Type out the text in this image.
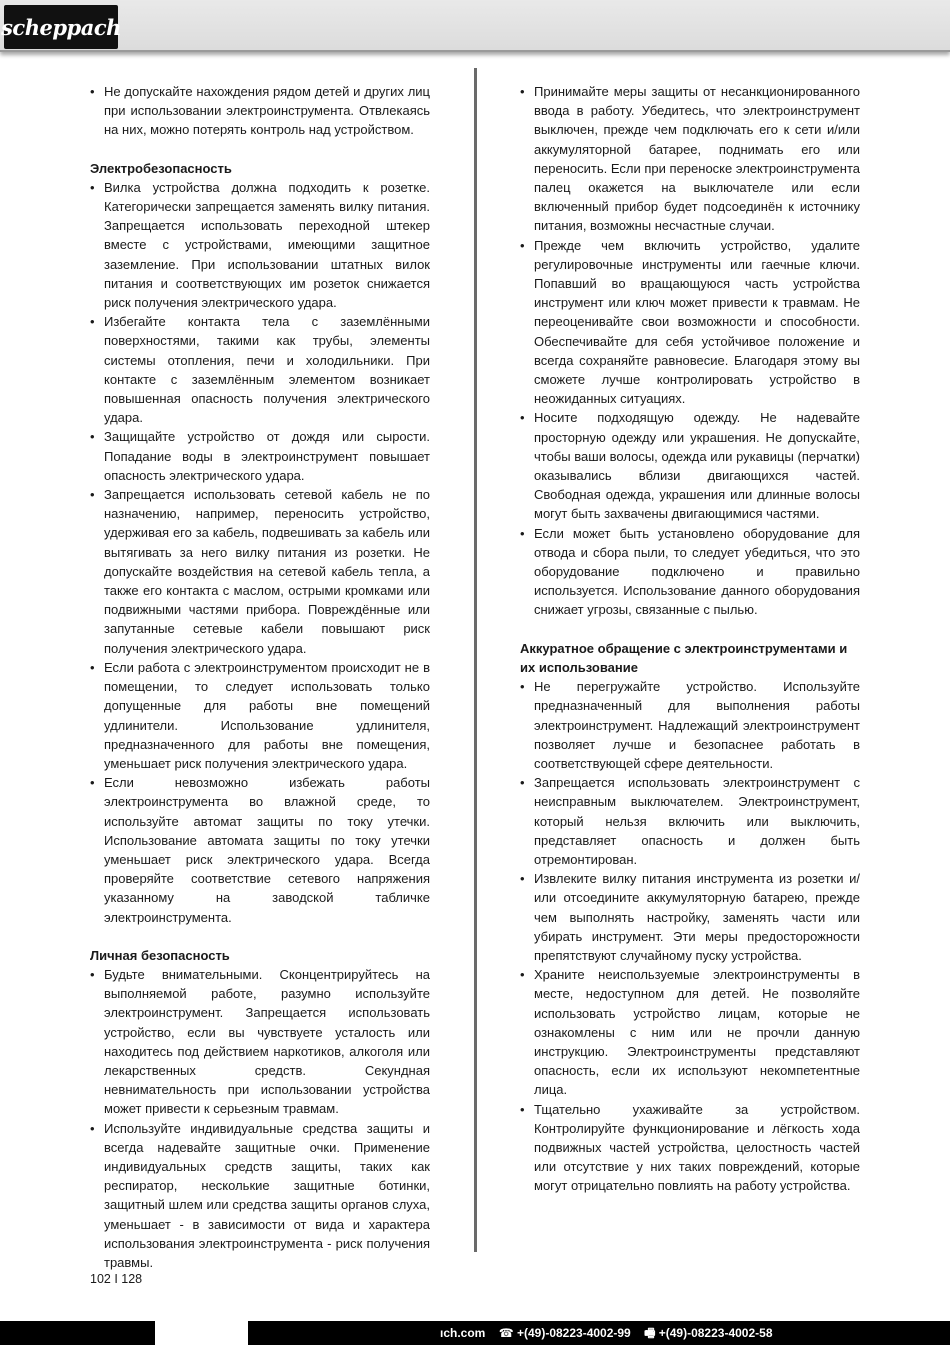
scheppach
• Не допускайте нахождения рядом детей и других лиц при использовании электроинструмента. Отвлекаясь на них, можно потерять контроль над устройством.

Электробезопасность

• Вилка устройства должна подходить к розетке. Категорически запрещается заменять вилку питания. Запрещается использовать переходной штекер вместе с устройствами, имеющими защитное заземление. При использовании штатных вилок питания и соответствующих им розеток снижается риск получения электрического удара.
• Избегайте контакта тела с заземлёнными поверхностями, такими как трубы, элементы системы отопления, печи и холодильники. При контакте с заземлённым элементом возникает повышенная опасность получения электрического удара.
• Защищайте устройство от дождя или сырости. Попадание воды в электроинструмент повышает опасность электрического удара.
• Запрещается использовать сетевой кабель не по назначению, например, переносить устройство, удерживая его за кабель, подвешивать за кабель или вытягивать за него вилку питания из розетки. Не допускайте воздействия на сетевой кабель тепла, а также его контакта с маслом, острыми кромками или подвижными частями прибора. Повреждённые или запутанные сетевые кабели повышают риск получения электрического удара.
• Если работа с электроинструментом происходит не в помещении, то следует использовать только допущенные для работы вне помещений удлинители. Использование удлинителя, предназначенного для работы вне помещения, уменьшает риск получения электрического удара.
• Если невозможно избежать работы электроинструмента во влажной среде, то используйте автомат защиты по току утечки. Использование автомата защиты по току утечки уменьшает риск электрического удара. Всегда проверяйте соответствие сетевого напряжения указанному на заводской табличке электроинструмента.

Личная безопасность

• Будьте внимательными. Сконцентрируйтесь на выполняемой работе, разумно используйте электроинструмент. Запрещается использовать устройство, если вы чувствуете усталость или находитесь под действием наркотиков, алкоголя или лекарственных средств. Секундная невнимательность при использовании устройства может привести к серьезным травмам.
• Используйте индивидуальные средства защиты и всегда надевайте защитные очки. Применение индивидуальных средств защиты, таких как респиратор, несколькие защитные ботинки, защитный шлем или средства защиты органов слуха, уменьшает - в зависимости от вида и характера использования электроинструмента - риск получения травмы.
• Принимайте меры защиты от несанкционированного ввода в работу. Убедитесь, что электроинструмент выключен, прежде чем подключать его к сети и/или аккумуляторной батарее, поднимать его или переносить. Если при переноске электроинструмента палец окажется на выключателе или если включенный прибор будет подсоединён к источнику питания, возможны несчастные случаи.
• Прежде чем включить устройство, удалите регулировочные инструменты или гаечные ключи. Попавший во вращающуюся часть устройства инструмент или ключ может привести к травмам. Не переоценивайте свои возможности и способности. Обеспечивайте для себя устойчивое положение и всегда сохраняйте равновесие. Благодаря этому вы сможете лучше контролировать устройство в неожиданных ситуациях.
• Носите подходящую одежду. Не надевайте просторную одежду или украшения. Не допускайте, чтобы ваши волосы, одежда или рукавицы (перчатки) оказывались вблизи двигающихся частей. Свободная одежда, украшения или длинные волосы могут быть захвачены двигающимися частями.
• Если может быть установлено оборудование для отвода и сбора пыли, то следует убедиться, что это оборудование подключено и правильно используется. Использование данного оборудования снижает угрозы, связанные с пылью.

Аккуратное обращение с электроинструментами и их использование

• Не перегружайте устройство. Используйте предназначенный для выполнения работы электроинструмент. Надлежащий электроинструмент позволяет лучше и безопаснее работать в соответствующей сфере деятельности.
• Запрещается использовать электроинструмент с неисправным выключателем. Электроинструмент, который нельзя включить или выключить, представляет опасность и должен быть отремонтирован.
• Извлеките вилку питания инструмента из розетки и/или отсоедините аккумуляторную батарею, прежде чем выполнять настройку, заменять части или убирать инструмент. Эти меры предосторожности препятствуют случайному пуску устройства.
• Храните неиспользуемые электроинструменты в месте, недоступном для детей. Не позволяйте использовать устройство лицам, которые не ознакомлены с ним или не прочли данную инструкцию. Электроинструменты представляют опасность, если их используют некомпетентные лица.
• Тщательно ухаживайте за устройством. Контролируйте функционирование и лёгкость хода подвижных частей устройства, целостность частей или отсутствие у них таких повреждений, которые могут отрицательно повлиять на работу устройства.
102 I 128
ıch.com ☎ +(49)-08223-4002-99 🖷 +(49)-08223-4002-58
